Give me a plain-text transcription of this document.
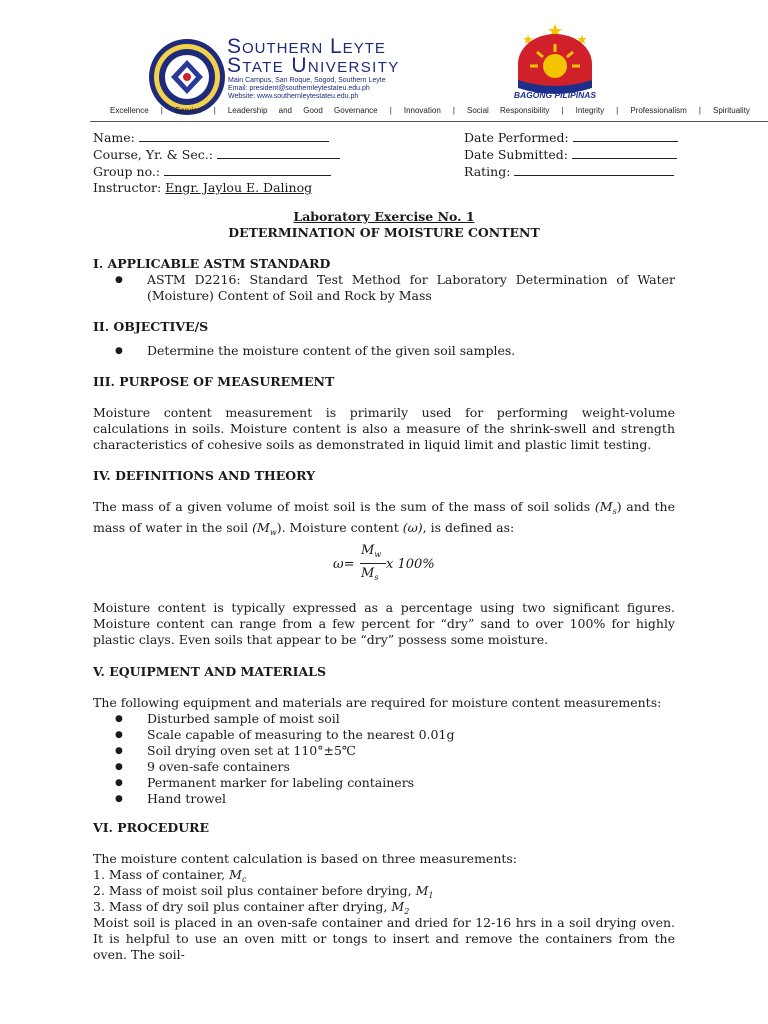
Southern Leyte
State University
Main Campus, San Roque, Sogod, Southern Leyte
Email: president@southernleytestateu.edu.ph
Website: www.southernleytestateu.edu.ph	BAGONG PILIPINAS
Excellence | Service | Leadership and Good Governance | Innovation | Social Responsibility | Integrity | Professionalism | Spirituality
Name:
Course, Yr. & Sec.:
Group no.:
Instructor: Engr. Jaylou E. Dalinog
Date Performed:
Date Submitted:
Rating:
Laboratory Exercise No. 1
DETERMINATION OF MOISTURE CONTENT
I. APPLICABLE ASTM STANDARD
● ASTM D2216: Standard Test Method for Laboratory Determination of Water (Moisture) Content of Soil and Rock by Mass
II. OBJECTIVE/S
● Determine the moisture content of the given soil samples.
III. PURPOSE OF MEASUREMENT
Moisture content measurement is primarily used for performing weight-volume calculations in soils. Moisture content is also a measure of the shrink-swell and strength characteristics of cohesive soils as demonstrated in liquid limit and plastic limit testing.
IV. DEFINITIONS AND THEORY
The mass of a given volume of moist soil is the sum of the mass of soil solids $(M_s)$ and the mass of water in the soil $(M_w)$. Moisture content (ω), is defined as:
ω=
$M_w$
$M_s$
x 100%
Moisture content is typically expressed as a percentage using two significant figures. Moisture content can range from a few percent for “dry” sand to over 100% for highly plastic clays. Even soils that appear to be “dry” possess some moisture.
V. EQUIPMENT AND MATERIALS
The following equipment and materials are required for moisture content measurements:
● Disturbed sample of moist soil
● Scale capable of measuring to the nearest 0.01g
● Soil drying oven set at 110°±5℃
● 9 oven-safe containers
● Permanent marker for labeling containers
● Hand trowel
VI. PROCEDURE
The moisture content calculation is based on three measurements:
1. Mass of container, $M_c$
2. Mass of moist soil plus container before drying, $M_1$
3. Mass of dry soil plus container after drying, $M_2$
Moist soil is placed in an oven-safe container and dried for 12-16 hrs in a soil drying oven. It is helpful to use an oven mitt or tongs to insert and remove the containers from the oven. The soil-
